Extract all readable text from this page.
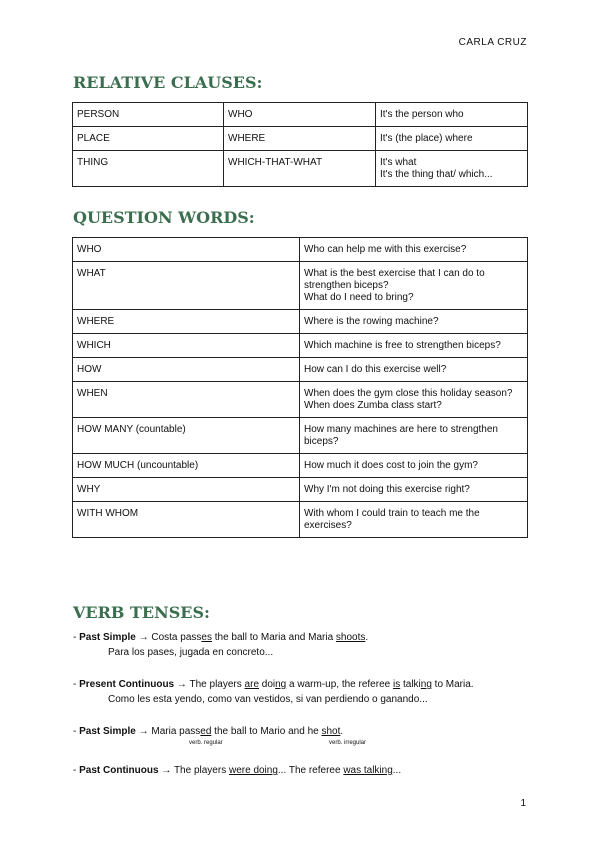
CARLA CRUZ
RELATIVE CLAUSES:
PERSON	WHO	It's the person who
PLACE	WHERE	It's (the place) where
THING	WHICH-THAT-WHAT	It's what
It's the thing that/ which...
QUESTION WORDS:
WHO	Who can help me with this exercise?
WHAT	What is the best exercise that I can do to strengthen biceps?
What do I need to bring?

WHERE	Where is the rowing machine?
WHICH	Which machine is free to strengthen biceps?
HOW	How can I do this exercise well?
WHEN	When does the gym close this holiday season?
When does Zumba class start?

HOW MANY (countable)	How many machines are here to strengthen biceps?
HOW MUCH (uncountable)	How much it does cost to join the gym?
WHY	Why I'm not doing this exercise right?
WITH WHOM	With whom I could train to teach me the exercises?
VERB TENSES:
- Past Simple → Costa passes the ball to Maria and Maria shoots.
Para los pases, jugada en concreto...
- Present Continuous → The players are doing a warm-up, the referee is talking to Maria.
Como les esta yendo, como van vestidos, si van perdiendo o ganando...
- Past Simple → Maria passed the ball to Mario and he shot.
verb. regular	verb. irregular
- Past Continuous → The players were doing... The referee was talking...
1
